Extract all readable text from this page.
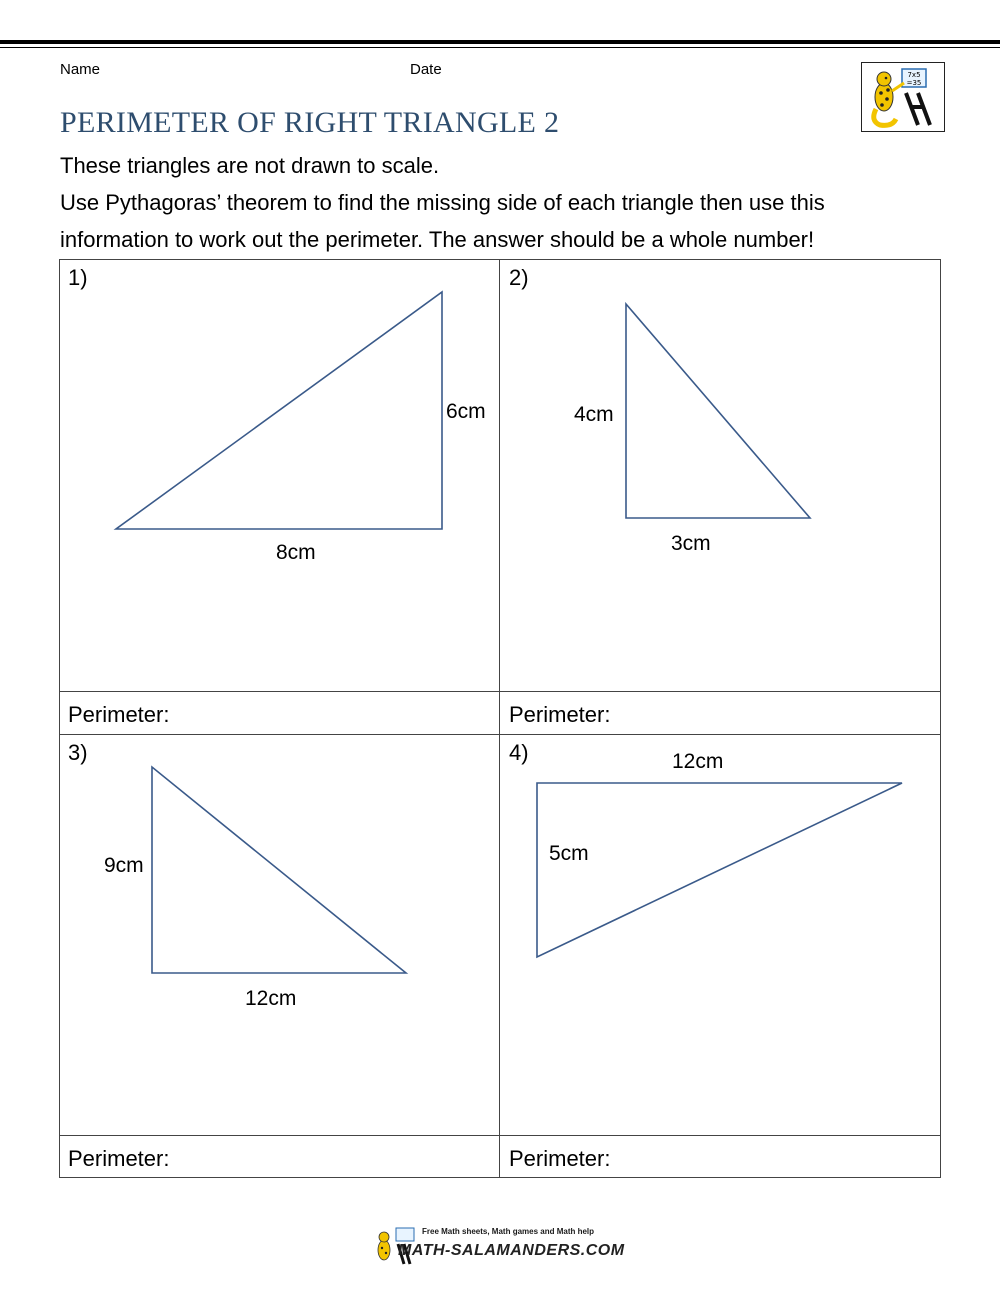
Name	Date	7x5
=35
PERIMETER OF RIGHT TRIANGLE 2
These triangles are not drawn to scale.
Use Pythagoras’ theorem to find the missing side of each triangle then use this
information to work out the perimeter. The answer should be a whole number!
1)	2)
3)	4)
Perimeter:	Perimeter:
Perimeter:	Perimeter:
6cm
8cm
4cm
3cm
9cm
12cm
12cm
5cm
Free Math sheets, Math games and Math help
MATH-SALAMANDERS.COM
